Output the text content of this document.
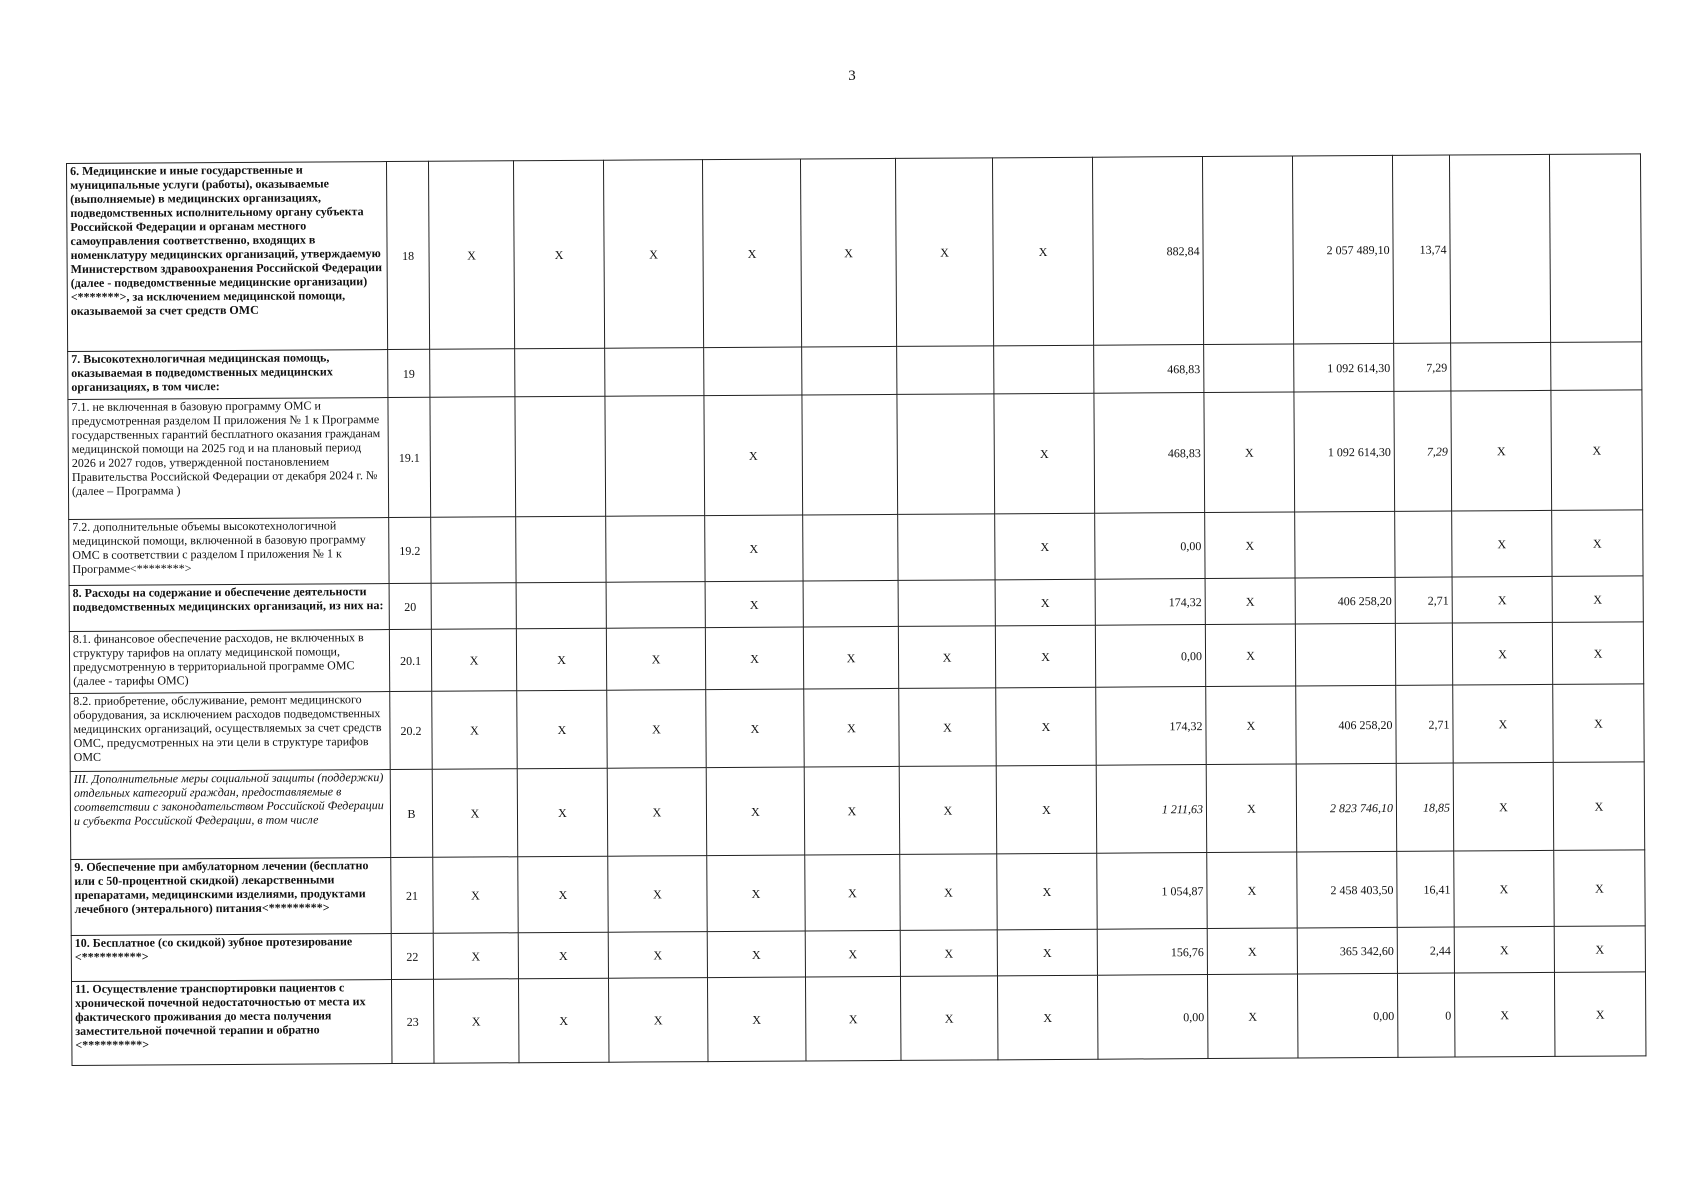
3
6. Медицинские и иные государственные и муниципальные услуги (работы), оказываемые (выполняемые) в медицинских организациях, подведомственных исполнительному органу субъекта Российской Федерации и органам местного самоуправления соответственно, входящих в номенклатуру медицинских организаций, утверждаемую Министерством здравоохранения Российской Федерации (далее - подведомственные медицинские организации) <*******>, за исключением медицинской помощи, оказываемой за счет средств ОМС	18	X	X	X	X	X	X	X	882,84		2 057 489,10	13,74		
7. Высокотехнологичная медицинская помощь, оказываемая в подведомственных медицинских организациях, в том числе:	19								468,83		1 092 614,30	7,29		
7.1. не включенная в базовую программу ОМС и предусмотренная разделом II приложения № 1 к Программе государственных гарантий бесплатного оказания гражданам медицинской помощи на 2025 год и на плановый период 2026 и 2027 годов, утвержденной постановлением Правительства Российской Федерации от декабря 2024 г. № (далее – Программа )	19.1				X			X	468,83	X	1 092 614,30	7,29	X	X
7.2. дополнительные объемы высокотехнологичной медицинской помощи, включенной в базовую программу ОМС в соответствии с разделом I приложения № 1 к Программе<********>	19.2				X			X	0,00	X			X	X
8. Расходы на содержание и обеспечение деятельности подведомственных медицинских организаций, из них на:	20				X			X	174,32	X	406 258,20	2,71	X	X
8.1. финансовое обеспечение расходов, не включенных в структуру тарифов на оплату медицинской помощи, предусмотренную в территориальной программе ОМС (далее - тарифы ОМС)	20.1	X	X	X	X	X	X	X	0,00	X			X	X
8.2. приобретение, обслуживание, ремонт медицинского оборудования, за исключением расходов подведомственных медицинских организаций, осуществляемых за счет средств ОМС, предусмотренных на эти цели в структуре тарифов ОМС	20.2	X	X	X	X	X	X	X	174,32	X	406 258,20	2,71	X	X
III. Дополнительные меры социальной защиты (поддержки) отдельных категорий граждан, предоставляемые в соответствии с законодательством Российской Федерации и субъекта Российской Федерации, в том числе	В	X	X	X	X	X	X	X	1 211,63	X	2 823 746,10	18,85	X	X
9. Обеспечение при амбулаторном лечении (бесплатно или с 50-процентной скидкой) лекарственными препаратами, медицинскими изделиями, продуктами лечебного (энтерального) питания<*********>	21	X	X	X	X	X	X	X	1 054,87	X	2 458 403,50	16,41	X	X
10. Бесплатное (со скидкой) зубное протезирование <**********>	22	X	X	X	X	X	X	X	156,76	X	365 342,60	2,44	X	X
11. Осуществление транспортировки пациентов с хронической почечной недостаточностью от места их фактического проживания до места получения заместительной почечной терапии и обратно <**********>	23	X	X	X	X	X	X	X	0,00	X	0,00	0	X	X
